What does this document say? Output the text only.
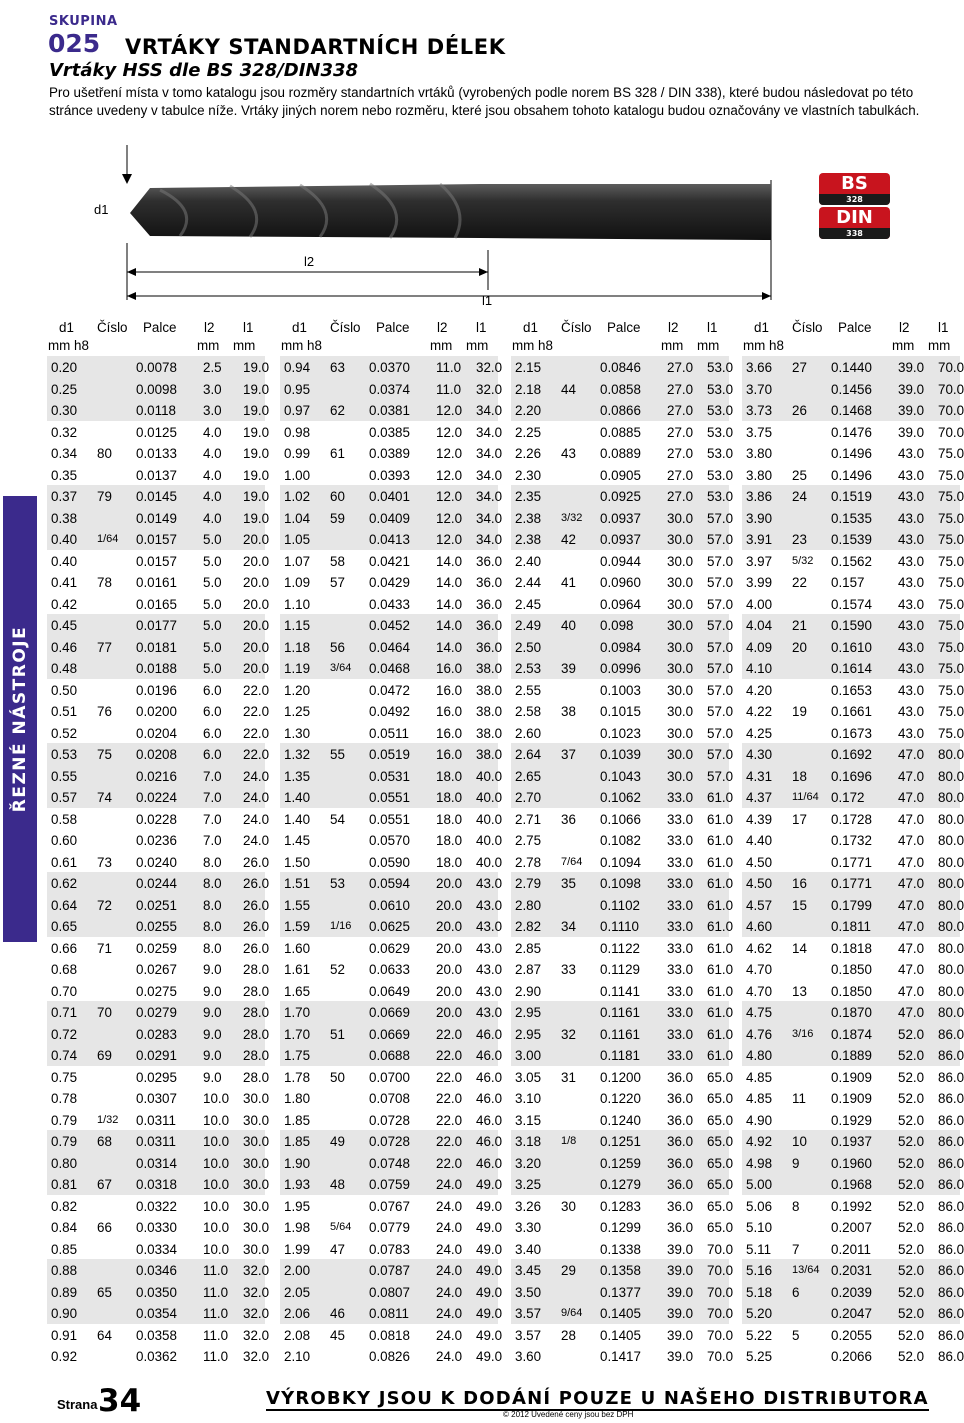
SKUPINA
025 VRTÁKY STANDARTNÍCH DÉLEK
Vrtáky HSS dle BS 328/DIN338
Pro ušetření místa v tomo katalogu jsou rozměry standartních vrtáků (vyrobených podle norem BS 328 / DIN 338), které budou následovat po této stránce uvedeny v tabulce níže. Vrtáky jiných norem nebo rozměru, které jsou obsahem tohoto katalogu budou označovány ve vlastních tabulkách.
ŘEZNÉ NÁSTROJE
d1
l2
l1
BS
328
DIN
338
d1 Číslo Palce l2 l1
mm h8	mm mm
0.20	0.0078 2.5 19.0
0.25	0.0098 3.0 19.0
0.30	0.0118 3.0 19.0
0.32	0.0125 4.0 19.0
0.34 80 0.0133 4.0 19.0
0.35	0.0137 4.0 19.0
0.37 79 0.0145 4.0 19.0
0.38	0.0149 4.0 19.0
0.40 1/64 0.0157 5.0 20.0
0.40	0.0157 5.0 20.0
0.41 78 0.0161 5.0 20.0
0.42	0.0165 5.0 20.0
0.45	0.0177 5.0 20.0
0.46 77 0.0181 5.0 20.0
0.48	0.0188 5.0 20.0
0.50	0.0196 6.0 22.0
0.51 76 0.0200 6.0 22.0
0.52	0.0204 6.0 22.0
0.53 75 0.0208 6.0 22.0
0.55	0.0216 7.0 24.0
0.57 74 0.0224 7.0 24.0
0.58	0.0228 7.0 24.0
0.60	0.0236 7.0 24.0
0.61 73 0.0240 8.0 26.0
0.62	0.0244 8.0 26.0
0.64 72 0.0251 8.0 26.0
0.65	0.0255 8.0 26.0
0.66 71 0.0259 8.0 26.0
0.68	0.0267 9.0 28.0
0.70	0.0275 9.0 28.0
0.71 70 0.0279 9.0 28.0
0.72	0.0283 9.0 28.0
0.74 69 0.0291 9.0 28.0
0.75	0.0295 9.0 28.0
0.78	0.0307 10.0 30.0
0.79 1/32 0.0311 10.0 30.0
0.79 68 0.0311 10.0 30.0
0.80	0.0314 10.0 30.0
0.81 67 0.0318 10.0 30.0
0.82	0.0322 10.0 30.0
0.84 66 0.0330 10.0 30.0
0.85	0.0334 10.0 30.0
0.88	0.0346 11.0 32.0
0.89 65 0.0350 11.0 32.0
0.90	0.0354 11.0 32.0
0.91 64 0.0358 11.0 32.0
0.92	0.0362 11.0 32.0
d1 Číslo Palce l2 l1
mm h8	mm mm
0.94 63 0.0370 11.0 32.0
0.95	0.0374 11.0 32.0
0.97 62 0.0381 12.0 34.0
0.98	0.0385 12.0 34.0
0.99 61 0.0389 12.0 34.0
1.00	0.0393 12.0 34.0
1.02 60 0.0401 12.0 34.0
1.04 59 0.0409 12.0 34.0
1.05	0.0413 12.0 34.0
1.07 58 0.0421 14.0 36.0
1.09 57 0.0429 14.0 36.0
1.10	0.0433 14.0 36.0
1.15	0.0452 14.0 36.0
1.18 56 0.0464 14.0 36.0
1.19 3/64 0.0468 16.0 38.0
1.20	0.0472 16.0 38.0
1.25	0.0492 16.0 38.0
1.30	0.0511 16.0 38.0
1.32 55 0.0519 16.0 38.0
1.35	0.0531 18.0 40.0
1.40	0.0551 18.0 40.0
1.40 54 0.0551 18.0 40.0
1.45	0.0570 18.0 40.0
1.50	0.0590 18.0 40.0
1.51 53 0.0594 20.0 43.0
1.55	0.0610 20.0 43.0
1.59 1/16 0.0625 20.0 43.0
1.60	0.0629 20.0 43.0
1.61 52 0.0633 20.0 43.0
1.65	0.0649 20.0 43.0
1.70	0.0669 20.0 43.0
1.70 51 0.0669 22.0 46.0
1.75	0.0688 22.0 46.0
1.78 50 0.0700 22.0 46.0
1.80	0.0708 22.0 46.0
1.85	0.0728 22.0 46.0
1.85 49 0.0728 22.0 46.0
1.90	0.0748 22.0 46.0
1.93 48 0.0759 24.0 49.0
1.95	0.0767 24.0 49.0
1.98 5/64 0.0779 24.0 49.0
1.99 47 0.0783 24.0 49.0
2.00	0.0787 24.0 49.0
2.05	0.0807 24.0 49.0
2.06 46 0.0811 24.0 49.0
2.08 45 0.0818 24.0 49.0
2.10	0.0826 24.0 49.0
d1 Číslo Palce l2 l1
mm h8	mm mm
2.15	0.0846 27.0 53.0
2.18 44 0.0858 27.0 53.0
2.20	0.0866 27.0 53.0
2.25	0.0885 27.0 53.0
2.26 43 0.0889 27.0 53.0
2.30	0.0905 27.0 53.0
2.35	0.0925 27.0 53.0
2.38 3/32 0.0937 30.0 57.0
2.38 42 0.0937 30.0 57.0
2.40	0.0944 30.0 57.0
2.44 41 0.0960 30.0 57.0
2.45	0.0964 30.0 57.0
2.49 40 0.098 30.0 57.0
2.50	0.0984 30.0 57.0
2.53 39 0.0996 30.0 57.0
2.55	0.1003 30.0 57.0
2.58 38 0.1015 30.0 57.0
2.60	0.1023 30.0 57.0
2.64 37 0.1039 30.0 57.0
2.65	0.1043 30.0 57.0
2.70	0.1062 33.0 61.0
2.71 36 0.1066 33.0 61.0
2.75	0.1082 33.0 61.0
2.78 7/64 0.1094 33.0 61.0
2.79 35 0.1098 33.0 61.0
2.80	0.1102 33.0 61.0
2.82 34 0.1110 33.0 61.0
2.85	0.1122 33.0 61.0
2.87 33 0.1129 33.0 61.0
2.90	0.1141 33.0 61.0
2.95	0.1161 33.0 61.0
2.95 32 0.1161 33.0 61.0
3.00	0.1181 33.0 61.0
3.05 31 0.1200 36.0 65.0
3.10	0.1220 36.0 65.0
3.15	0.1240 36.0 65.0
3.18 1/8 0.1251 36.0 65.0
3.20	0.1259 36.0 65.0
3.25	0.1279 36.0 65.0
3.26 30 0.1283 36.0 65.0
3.30	0.1299 36.0 65.0
3.40	0.1338 39.0 70.0
3.45 29 0.1358 39.0 70.0
3.50	0.1377 39.0 70.0
3.57 9/64 0.1405 39.0 70.0
3.57 28 0.1405 39.0 70.0
3.60	0.1417 39.0 70.0
d1 Číslo Palce l2 l1
mm h8	mm mm
3.66 27 0.1440 39.0 70.0
3.70	0.1456 39.0 70.0
3.73 26 0.1468 39.0 70.0
3.75	0.1476 39.0 70.0
3.80	0.1496 43.0 75.0
3.80 25 0.1496 43.0 75.0
3.86 24 0.1519 43.0 75.0
3.90	0.1535 43.0 75.0
3.91 23 0.1539 43.0 75.0
3.97 5/32 0.1562 43.0 75.0
3.99 22 0.157 43.0 75.0
4.00	0.1574 43.0 75.0
4.04 21 0.1590 43.0 75.0
4.09 20 0.1610 43.0 75.0
4.10	0.1614 43.0 75.0
4.20	0.1653 43.0 75.0
4.22 19 0.1661 43.0 75.0
4.25	0.1673 43.0 75.0
4.30	0.1692 47.0 80.0
4.31 18 0.1696 47.0 80.0
4.37 11/64 0.172 47.0 80.0
4.39 17 0.1728 47.0 80.0
4.40	0.1732 47.0 80.0
4.50	0.1771 47.0 80.0
4.50 16 0.1771 47.0 80.0
4.57 15 0.1799 47.0 80.0
4.60	0.1811 47.0 80.0
4.62 14 0.1818 47.0 80.0
4.70	0.1850 47.0 80.0
4.70 13 0.1850 47.0 80.0
4.75	0.1870 47.0 80.0
4.76 3/16 0.1874 52.0 86.0
4.80	0.1889 52.0 86.0
4.85	0.1909 52.0 86.0
4.85 11 0.1909 52.0 86.0
4.90	0.1929 52.0 86.0
4.92 10 0.1937 52.0 86.0
4.98 9 0.1960 52.0 86.0
5.00	0.1968 52.0 86.0
5.06 8 0.1992 52.0 86.0
5.10	0.2007 52.0 86.0
5.11 7 0.2011 52.0 86.0
5.16 13/64 0.2031 52.0 86.0
5.18 6 0.2039 52.0 86.0
5.20	0.2047 52.0 86.0
5.22 5 0.2055 52.0 86.0
5.25	0.2066 52.0 86.0
Strana 34	VÝROBKY JSOU K DODÁNÍ POUZE U NAŠEHO DISTRIBUTORA
© 2012 Uvedené ceny jsou bez DPH
